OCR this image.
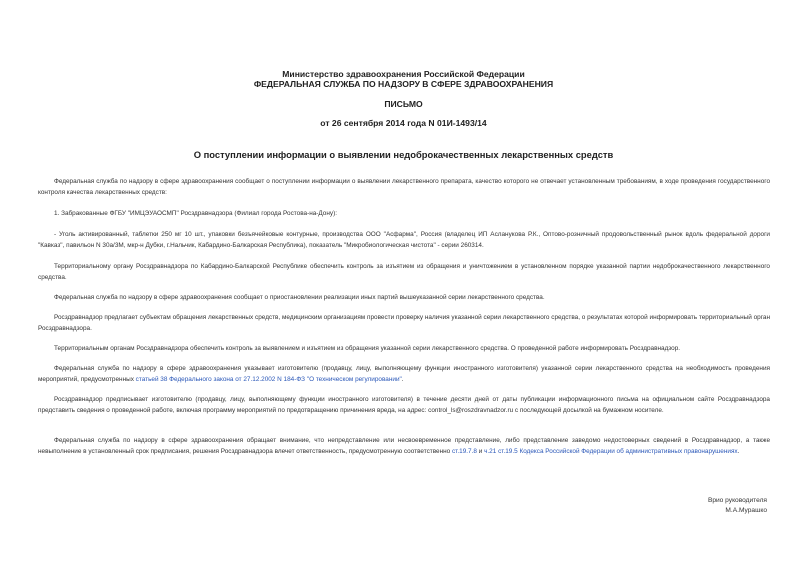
Министерство здравоохранения Российской Федерации
ФЕДЕРАЛЬНАЯ СЛУЖБА ПО НАДЗОРУ В СФЕРЕ ЗДРАВООХРАНЕНИЯ
ПИСЬМО
от 26 сентября 2014 года N 01И-1493/14
О поступлении информации о выявлении недоброкачественных лекарственных средств
Федеральная служба по надзору в сфере здравоохранения сообщает о поступлении информации о выявлении лекарственного препарата, качество которого не отвечает установленным требованиям, в ходе проведения государственного контроля качества лекарственных средств:
1. Забракованные ФГБУ "ИМЦЭУАОСМП" Росздравнадзора (Филиал города Ростова-на-Дону):
- Уголь активированный, таблетки 250 мг 10 шт., упаковки безъячейковые контурные, производства ООО "Асфарма", Россия (владелец ИП Асланукова Р.К., Оптово-розничный продовольственный рынок вдоль федеральной дороги "Кавказ", павильон N 30а/3М, мкр-н Дубки, г.Нальчик, Кабардино-Балкарская Республика), показатель "Микробиологическая чистота" - серии 260314.
Территориальному органу Росздравнадзора по Кабардино-Балкарской Республике обеспечить контроль за изъятием из обращения и уничтожением в установленном порядке указанной партии недоброкачественного лекарственного средства.
Федеральная служба по надзору в сфере здравоохранения сообщает о приостановлении реализации иных партий вышеуказанной серии лекарственного средства.
Росздравнадзор предлагает субъектам обращения лекарственных средств, медицинским организациям провести проверку наличия указанной серии лекарственного средства, о результатах которой информировать территориальный орган Росздравнадзора.
Территориальным органам Росздравнадзора обеспечить контроль за выявлением и изъятием из обращения указанной серии лекарственного средства. О проведенной работе информировать Росздравнадзор.
Федеральная служба по надзору в сфере здравоохранения указывает изготовителю (продавцу, лицу, выполняющему функции иностранного изготовителя) указанной серии лекарственного средства на необходимость проведения мероприятий, предусмотренных статьей 38 Федерального закона от 27.12.2002 N 184-ФЗ "О техническом регулировании".
Росздравнадзор предписывает изготовителю (продавцу, лицу, выполняющему функции иностранного изготовителя) в течение десяти дней от даты публикации информационного письма на официальном сайте Росздравнадзора представить сведения о проведенной работе, включая программу мероприятий по предотвращению причинения вреда, на адрес: control_ls@roszdravnadzor.ru с последующей досылкой на бумажном носителе.
Федеральная служба по надзору в сфере здравоохранения обращает внимание, что непредставление или несвоевременное представление, либо представление заведомо недостоверных сведений в Росздравнадзор, а также невыполнение в установленный срок предписания, решения Росздравнадзора влечет ответственность, предусмотренную соответственно ст.19.7.8 и ч.21 ст.19.5 Кодекса Российской Федерации об административных правонарушениях.
Врио руководителя
М.А.Мурашко
